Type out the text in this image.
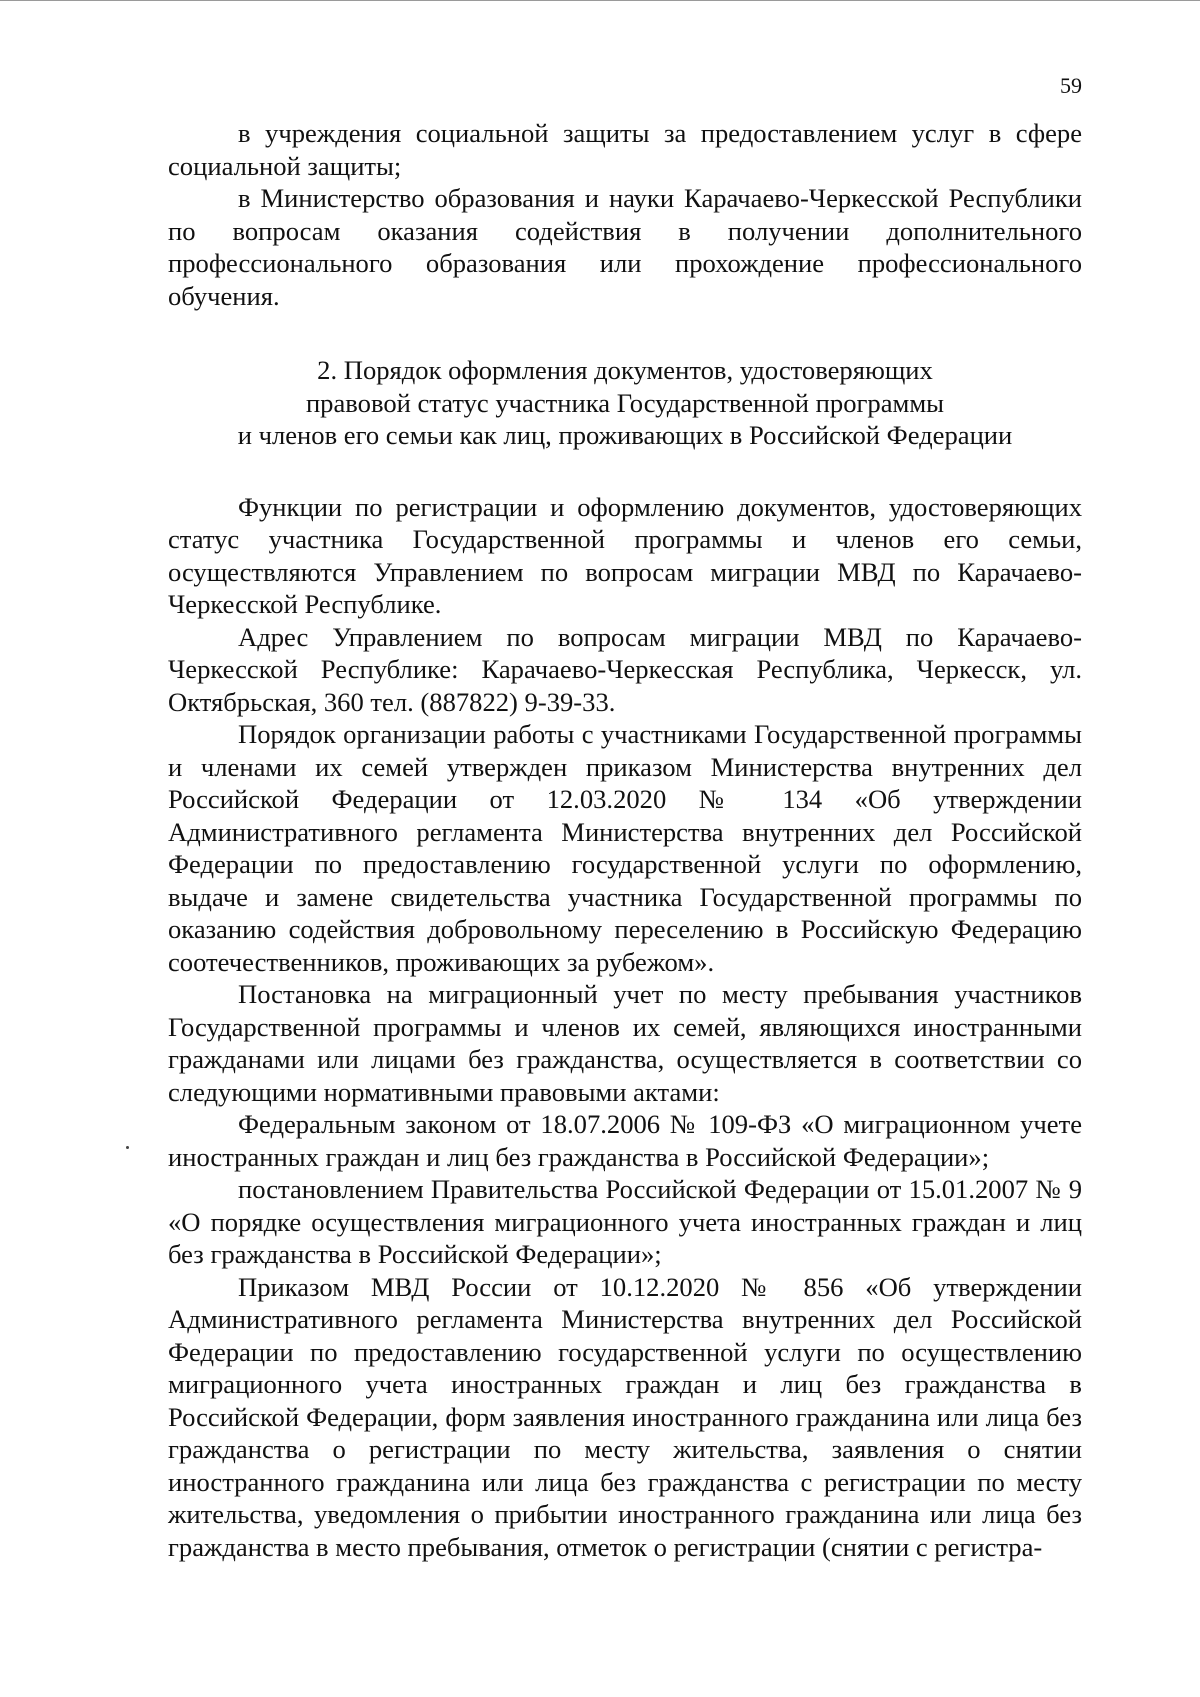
59

в учреждения социальной защиты за предоставлением услуг в сфере социальной защиты;

в Министерство образования и науки Карачаево-Черкесской Республики по вопросам оказания содействия в получении дополнительного профессионального образования или прохождение профессионального обучения.

2. Порядок оформления документов, удостоверяющих
правовой статус участника Государственной программы
и членов его семьи как лиц, проживающих в Российской Федерации

Функции по регистрации и оформлению документов, удостоверяющих статус участника Государственной программы и членов его семьи, осуществляются Управлением по вопросам миграции МВД по Карачаево-Черкесской Республике.

Адрес Управлением по вопросам миграции МВД по Карачаево-Черкесской Республике: Карачаево-Черкесская Республика, Черкесск, ул. Октябрьская, 360 тел. (887822) 9-39-33.

Порядок организации работы с участниками Государственной программы и членами их семей утвержден приказом Министерства внутренних дел Российской Федерации от 12.03.2020 № 134 «Об утверждении Административного регламента Министерства внутренних дел Российской Федерации по предоставлению государственной услуги по оформлению, выдаче и замене свидетельства участника Государственной программы по оказанию содействия добровольному переселению в Российскую Федерацию соотечественников, проживающих за рубежом».

Постановка на миграционный учет по месту пребывания участников Государственной программы и членов их семей, являющихся иностранными гражданами или лицами без гражданства, осуществляется в соответствии со следующими нормативными правовыми актами:

Федеральным законом от 18.07.2006 № 109-ФЗ «О миграционном учете иностранных граждан и лиц без гражданства в Российской Федерации»;

постановлением Правительства Российской Федерации от 15.01.2007 № 9 «О порядке осуществления миграционного учета иностранных граждан и лиц без гражданства в Российской Федерации»;

Приказом МВД России от 10.12.2020 № 856 «Об утверждении Административного регламента Министерства внутренних дел Российской Федерации по предоставлению государственной услуги по осуществлению миграционного учета иностранных граждан и лиц без гражданства в Российской Федерации, форм заявления иностранного гражданина или лица без гражданства о регистрации по месту жительства, заявления о снятии иностранного гражданина или лица без гражданства с регистрации по месту жительства, уведомления о прибытии иностранного гражданина или лица без гражданства в место пребывания, отметок о регистрации (снятии с регистра-
